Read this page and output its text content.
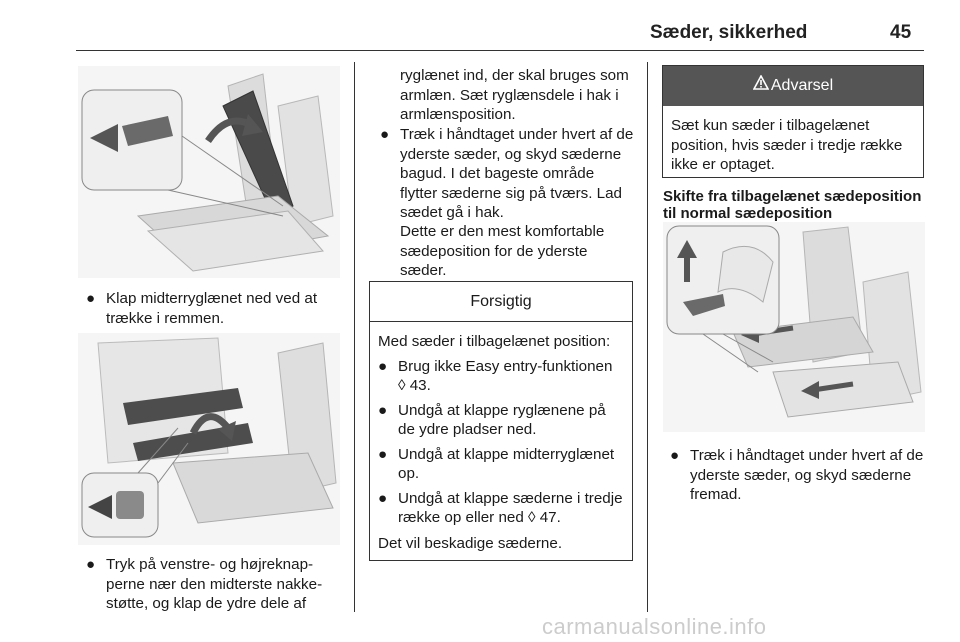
Sæder, sikkerhed	45
● Klap midterryglænet ned ved at trække i remmen.
● Tryk på venstre- og højreknapperne nær den midterste nakkestøtte, og klap de ydre dele af
ryglænet ind, der skal bruges som armlæn. Sæt ryglænsdele i hak i armlænsposition.
● Træk i håndtaget under hvert af de yderste sæder, og skyd sæderne bagud. I det bageste område flytter sæderne sig på tværs. Lad sædet gå i hak.
Dette er den mest komfortable sædeposition for de yderste sæder.
Forsigtig
Med sæder i tilbagelænet position:
● Brug ikke Easy entry-funktionen ◊ 43.
● Undgå at klappe ryglænene på de ydre pladser ned.
● Undgå at klappe midterryglænet op.
● Undgå at klappe sæderne i tredje række op eller ned ◊ 47.
Det vil beskadige sæderne.
Advarsel
Sæt kun sæder i tilbagelænet position, hvis sæder i tredje række ikke er optaget.
Skifte fra tilbagelænet sædeposition til normal sædeposition
● Træk i håndtaget under hvert af de yderste sæder, og skyd sæderne fremad.
carmanualsonline.info
